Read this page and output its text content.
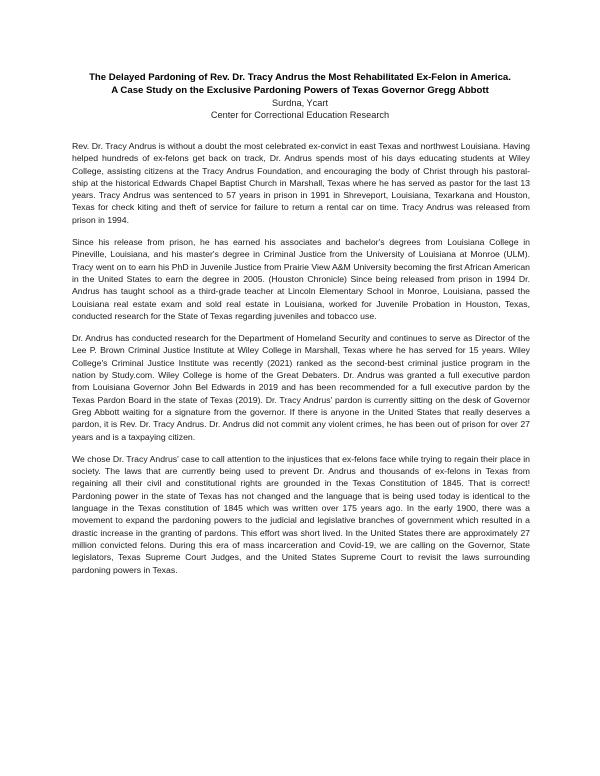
The Delayed Pardoning of Rev. Dr. Tracy Andrus the Most Rehabilitated Ex-Felon in America.
A Case Study on the Exclusive Pardoning Powers of Texas Governor Gregg Abbott
Surdna, Ycart
Center for Correctional Education Research

Rev. Dr. Tracy Andrus is without a doubt the most celebrated ex-convict in east Texas and northwest Louisiana. Having helped hundreds of ex-felons get back on track, Dr. Andrus spends most of his days educating students at Wiley College, assisting citizens at the Tracy Andrus Foundation, and encouraging the body of Christ through his pastoral-ship at the historical Edwards Chapel Baptist Church in Marshall, Texas where he has served as pastor for the last 13 years. Tracy Andrus was sentenced to 57 years in prison in 1991 in Shreveport, Louisiana, Texarkana and Houston, Texas for check kiting and theft of service for failure to return a rental car on time. Tracy Andrus was released from prison in 1994.

Since his release from prison, he has earned his associates and bachelor's degrees from Louisiana College in Pineville, Louisiana, and his master's degree in Criminal Justice from the University of Louisiana at Monroe (ULM). Tracy went on to earn his PhD in Juvenile Justice from Prairie View A&M University becoming the first African American in the United States to earn the degree in 2005. (Houston Chronicle) Since being released from prison in 1994 Dr. Andrus has taught school as a third-grade teacher at Lincoln Elementary School in Monroe, Louisiana, passed the Louisiana real estate exam and sold real estate in Louisiana, worked for Juvenile Probation in Houston, Texas, conducted research for the State of Texas regarding juveniles and tobacco use.

Dr. Andrus has conducted research for the Department of Homeland Security and continues to serve as Director of the Lee P. Brown Criminal Justice Institute at Wiley College in Marshall, Texas where he has served for 15 years. Wiley College's Criminal Justice Institute was recently (2021) ranked as the second-best criminal justice program in the nation by Study.com. Wiley College is home of the Great Debaters. Dr. Andrus was granted a full executive pardon from Louisiana Governor John Bel Edwards in 2019 and has been recommended for a full executive pardon by the Texas Pardon Board in the state of Texas (2019). Dr. Tracy Andrus' pardon is currently sitting on the desk of Governor Greg Abbott waiting for a signature from the governor. If there is anyone in the United States that really deserves a pardon, it is Rev. Dr. Tracy Andrus. Dr. Andrus did not commit any violent crimes, he has been out of prison for over 27 years and is a taxpaying citizen.

We chose Dr. Tracy Andrus' case to call attention to the injustices that ex-felons face while trying to regain their place in society. The laws that are currently being used to prevent Dr. Andrus and thousands of ex-felons in Texas from regaining all their civil and constitutional rights are grounded in the Texas Constitution of 1845. That is correct! Pardoning power in the state of Texas has not changed and the language that is being used today is identical to the language in the Texas constitution of 1845 which was written over 175 years ago. In the early 1900, there was a movement to expand the pardoning powers to the judicial and legislative branches of government which resulted in a drastic increase in the granting of pardons. This effort was short lived. In the United States there are approximately 27 million convicted felons. During this era of mass incarceration and Covid-19, we are calling on the Governor, State legislators, Texas Supreme Court Judges, and the United States Supreme Court to revisit the laws surrounding pardoning powers in Texas.
